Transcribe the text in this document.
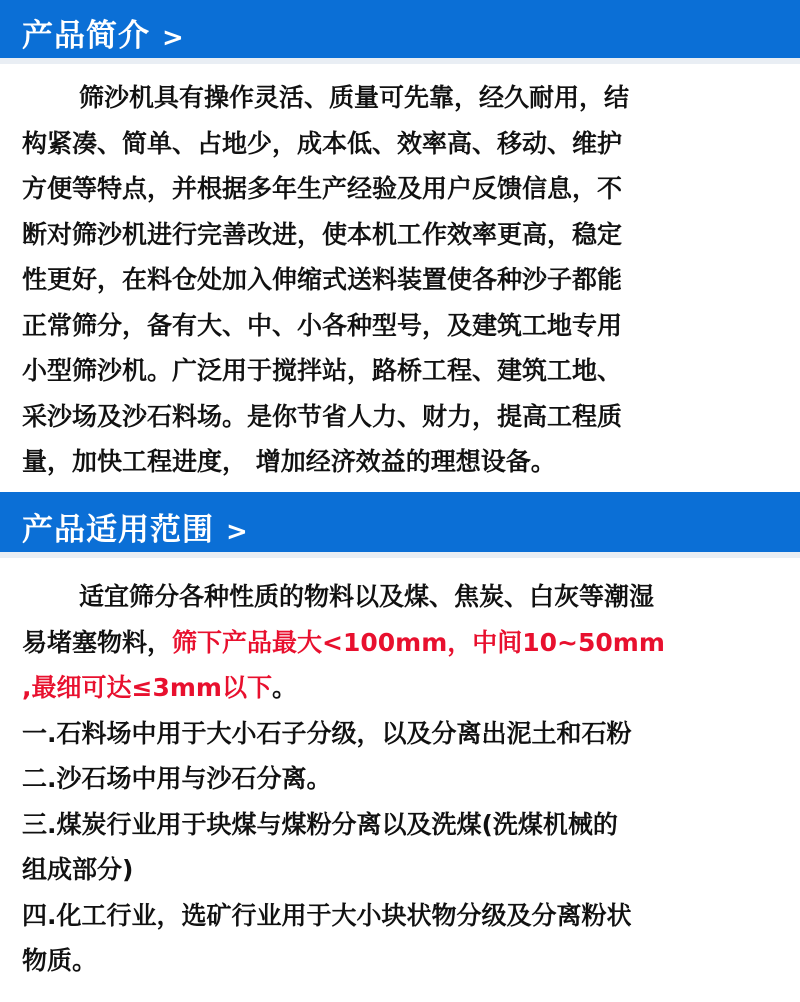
产品简介 >
筛沙机具有操作灵活、质量可先靠，经久耐用，结
构紧凑、简单、占地少，成本低、效率高、移动、维护
方便等特点，并根据多年生产经验及用户反馈信息，不
断对筛沙机进行完善改进，使本机工作效率更高，稳定
性更好，在料仓处加入伸缩式送料装置使各种沙子都能
正常筛分，备有大、中、小各种型号，及建筑工地专用
小型筛沙机。广泛用于搅拌站，路桥工程、建筑工地、
采沙场及沙石料场。是你节省人力、财力，提高工程质
量，加快工程进度， 增加经济效益的理想设备。
产品适用范围 >
适宜筛分各种性质的物料以及煤、焦炭、白灰等潮湿
易堵塞物料，筛下产品最大<100mm，中间10~50mm
,最细可达≤3mm以下。
一.石料场中用于大小石子分级，以及分离出泥土和石粉
二.沙石场中用与沙石分离。
三.煤炭行业用于块煤与煤粉分离以及洗煤(洗煤机械的
组成部分)
四.化工行业，选矿行业用于大小块状物分级及分离粉状
物质。
